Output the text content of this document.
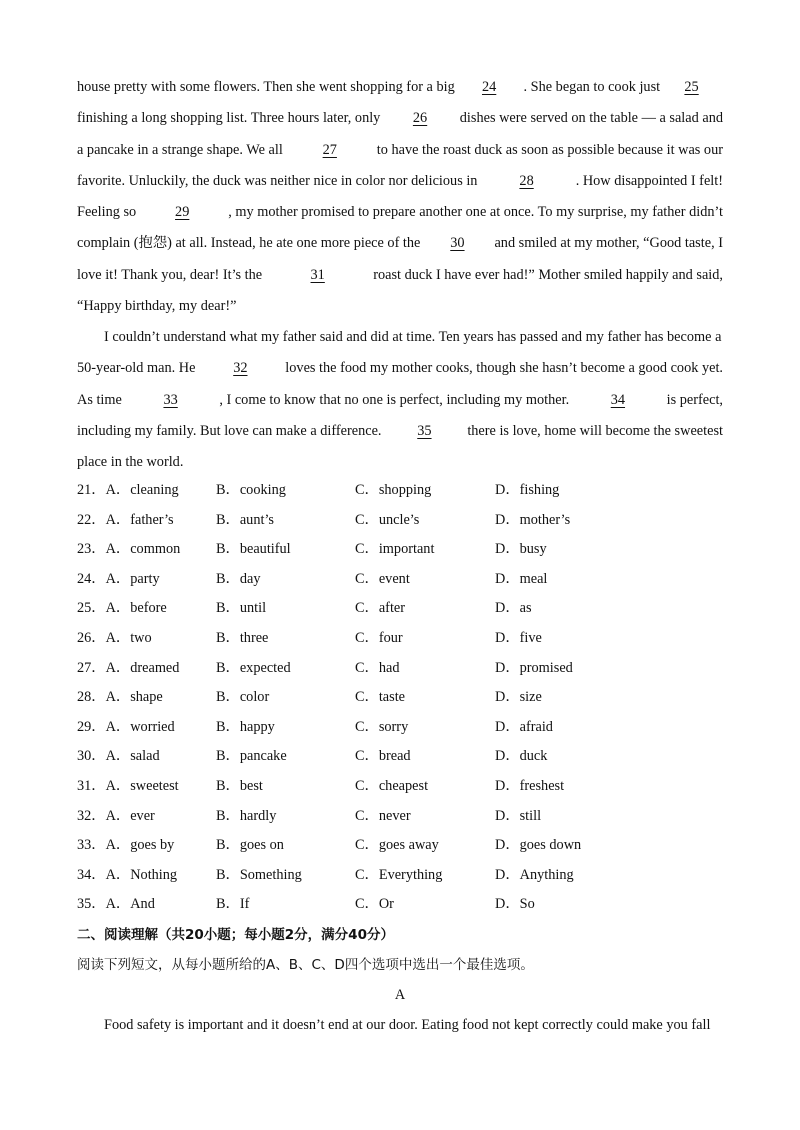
house pretty with some flowers. Then she went shopping for a big	24	. She began to cook just	25
finishing a long shopping list. Three hours later, only	26	dishes were served on the table — a salad and
a pancake in a strange shape. We all	27	to have the roast duck as soon as possible because it was our
favorite. Unluckily, the duck was neither nice in color nor delicious in	28	. How disappointed I felt!
Feeling so	29	, my mother promised to prepare another one at once. To my surprise, my father didn’t
complain (抱怨) at all. Instead, he ate one more piece of the	30	and smiled at my mother, “Good taste, I
love it! Thank you, dear! It’s the	31	roast duck I have ever had!” Mother smiled happily and said,
“Happy birthday, my dear!”
I couldn’t understand what my father said and did at time. Ten years has passed and my father has become a
50-year-old man. He	32	loves the food my mother cooks, though she hasn’t become a good cook yet.
As time	33	, I come to know that no one is perfect, including my mother.	34	is perfect,
including my family. But love can make a difference.	35	there is love, home will become the sweetest
place in the world.
21．A．cleaning	B．cooking	C．shopping	D．fishing
22．A．father’s	B．aunt’s	C．uncle’s	D．mother’s
23．A．common	B．beautiful	C．important	D．busy
24．A．party	B．day	C．event	D．meal
25．A．before	B．until	C．after	D．as
26．A．two	B．three	C．four	D．five
27．A．dreamed	B．expected	C．had	D．promised
28．A．shape	B．color	C．taste	D．size
29．A．worried	B．happy	C．sorry	D．afraid
30．A．salad	B．pancake	C．bread	D．duck
31．A．sweetest	B．best	C．cheapest	D．freshest
32．A．ever	B．hardly	C．never	D．still
33．A．goes by	B．goes on	C．goes away	D．goes down
34．A．Nothing	B．Something	C．Everything	D．Anything
35．A．And	B．If	C．Or	D．So
二、阅读理解（共20小题；每小题2分，满分40分）
阅读下列短文，从每小题所给的A、B、C、D四个选项中选出一个最佳选项。
A
Food safety is important and it doesn’t end at our door. Eating food not kept correctly could make you fall
